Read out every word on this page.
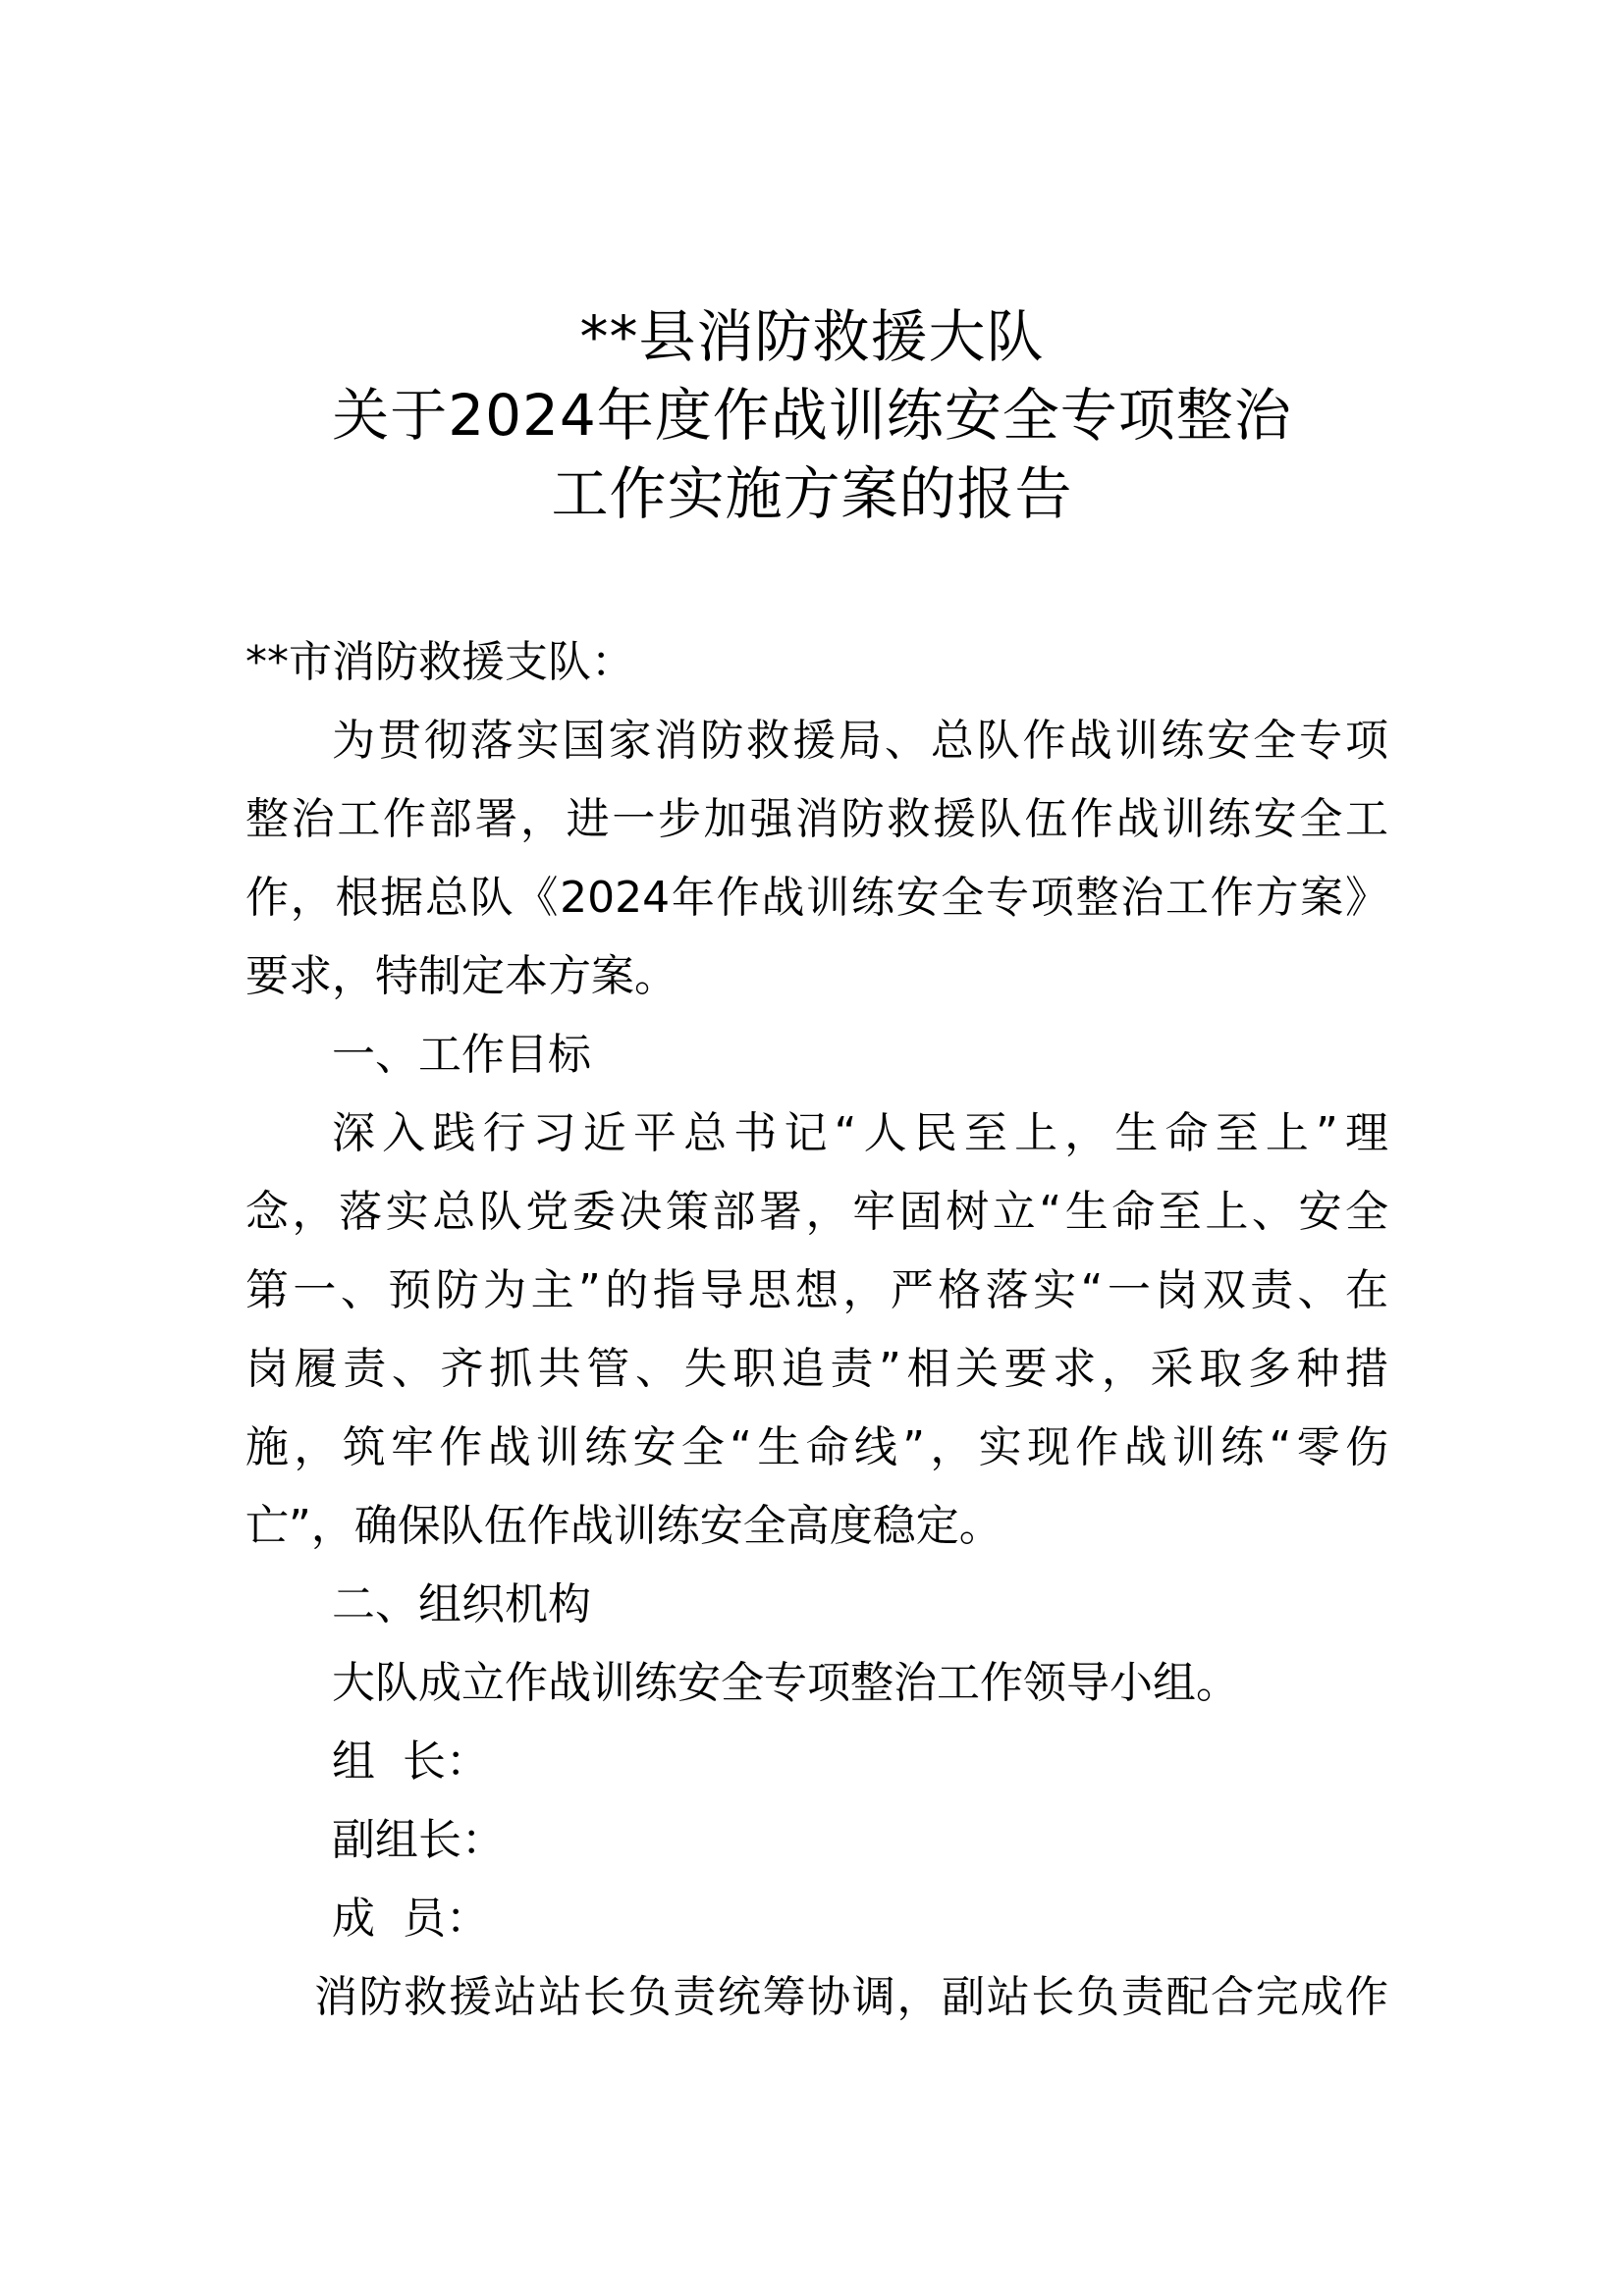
**县消防救援大队
关于2024年度作战训练安全专项整治
工作实施方案的报告
**市消防救援支队：
为贯彻落实国家消防救援局、总队作战训练安全专项
整治工作部署，进一步加强消防救援队伍作战训练安全工
作，根据总队《2024年作战训练安全专项整治工作方案》
要求，特制定本方案。
一、工作目标
深入践行习近平总书记“人民至上，生命至上”理
念，落实总队党委决策部署，牢固树立“生命至上、安全
第一、预防为主”的指导思想，严格落实“一岗双责、在
岗履责、齐抓共管、失职追责”相关要求，采取多种措
施，筑牢作战训练安全“生命线”，实现作战训练“零伤
亡”，确保队伍作战训练安全高度稳定。
二、组织机构
大队成立作战训练安全专项整治工作领导小组。
组  长：
副组长：
成  员：
消防救援站站长负责统筹协调，副站长负责配合完成作
